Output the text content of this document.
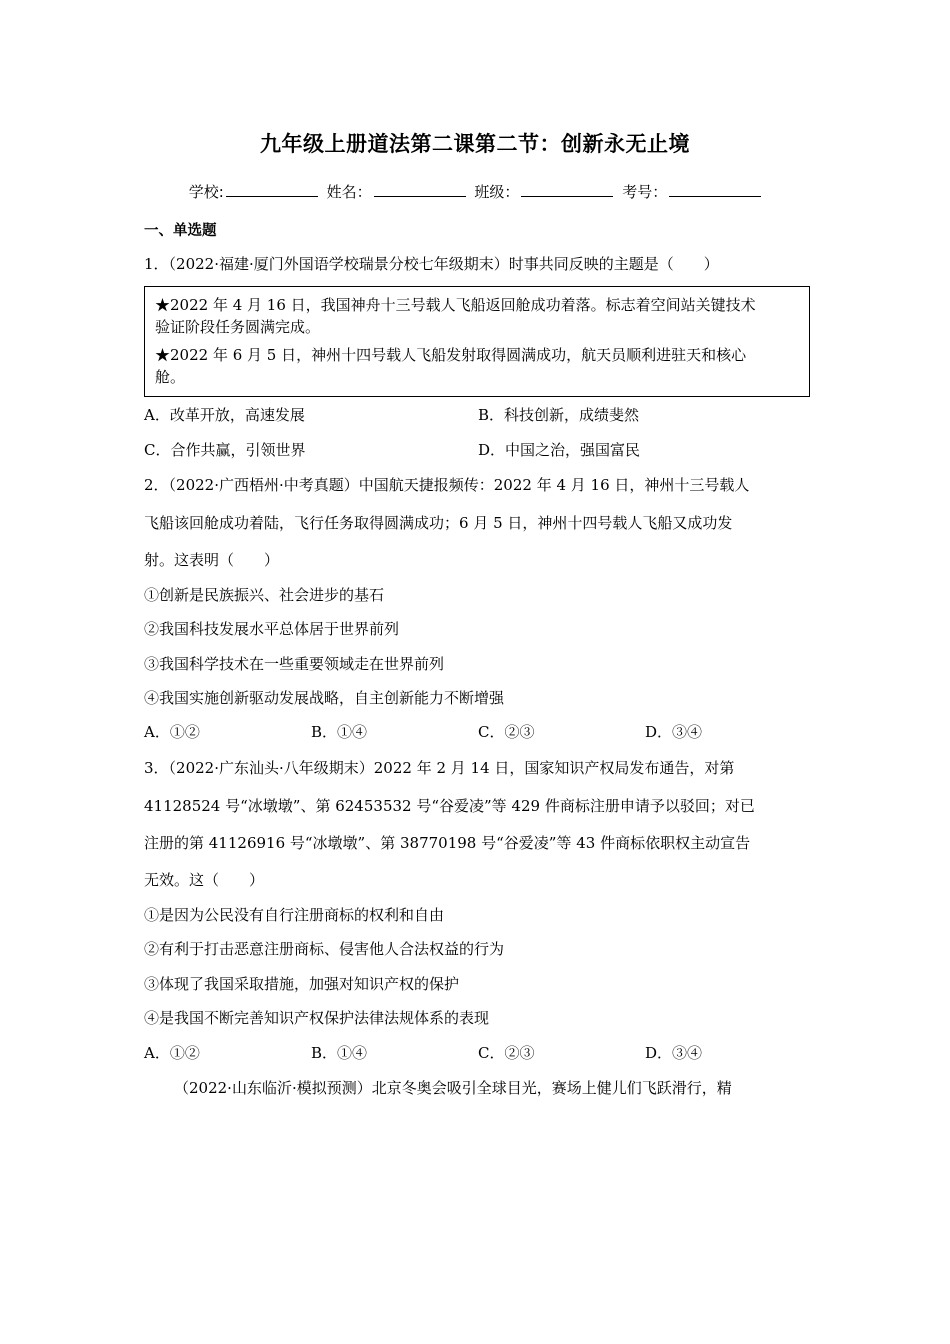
九年级上册道法第二课第二节：创新永无止境
学校:	姓名：	班级：	考号：
一、单选题
1．（2022·福建·厦门外国语学校瑞景分校七年级期末）时事共同反映的主题是（　　）
★2022 年 4 月 16 日，我国神舟十三号载人飞船返回舱成功着落。标志着空间站关键技术
验证阶段任务圆满完成。
★2022 年 6 月 5 日，神州十四号载人飞船发射取得圆满成功，航天员顺利进驻天和核心
舱。
A．改革开放，高速发展	B．科技创新，成绩斐然
C．合作共赢，引领世界	D．中国之治，强国富民
2．（2022·广西梧州·中考真题）中国航天捷报频传：2022 年 4 月 16 日，神州十三号载人
飞船该回舱成功着陆，飞行任务取得圆满成功；6 月 5 日，神州十四号载人飞船又成功发
射。这表明（　　）
①创新是民族振兴、社会进步的基石
②我国科技发展水平总体居于世界前列
③我国科学技术在一些重要领域走在世界前列
④我国实施创新驱动发展战略，自主创新能力不断增强
A．①②	B．①④	C．②③	D．③④
3．（2022·广东汕头·八年级期末）2022 年 2 月 14 日，国家知识产权局发布通告，对第
41128524 号“冰墩墩”、第 62453532 号“谷爱凌”等 429 件商标注册申请予以驳回；对已
注册的第 41126916 号“冰墩墩”、第 38770198 号“谷爱凌”等 43 件商标依职权主动宣告
无效。这（　　）
①是因为公民没有自行注册商标的权利和自由
②有利于打击恶意注册商标、侵害他人合法权益的行为
③体现了我国采取措施，加强对知识产权的保护
④是我国不断完善知识产权保护法律法规体系的表现
A．①②	B．①④	C．②③	D．③④
（2022·山东临沂·模拟预测）北京冬奥会吸引全球目光，赛场上健儿们飞跃滑行，精
